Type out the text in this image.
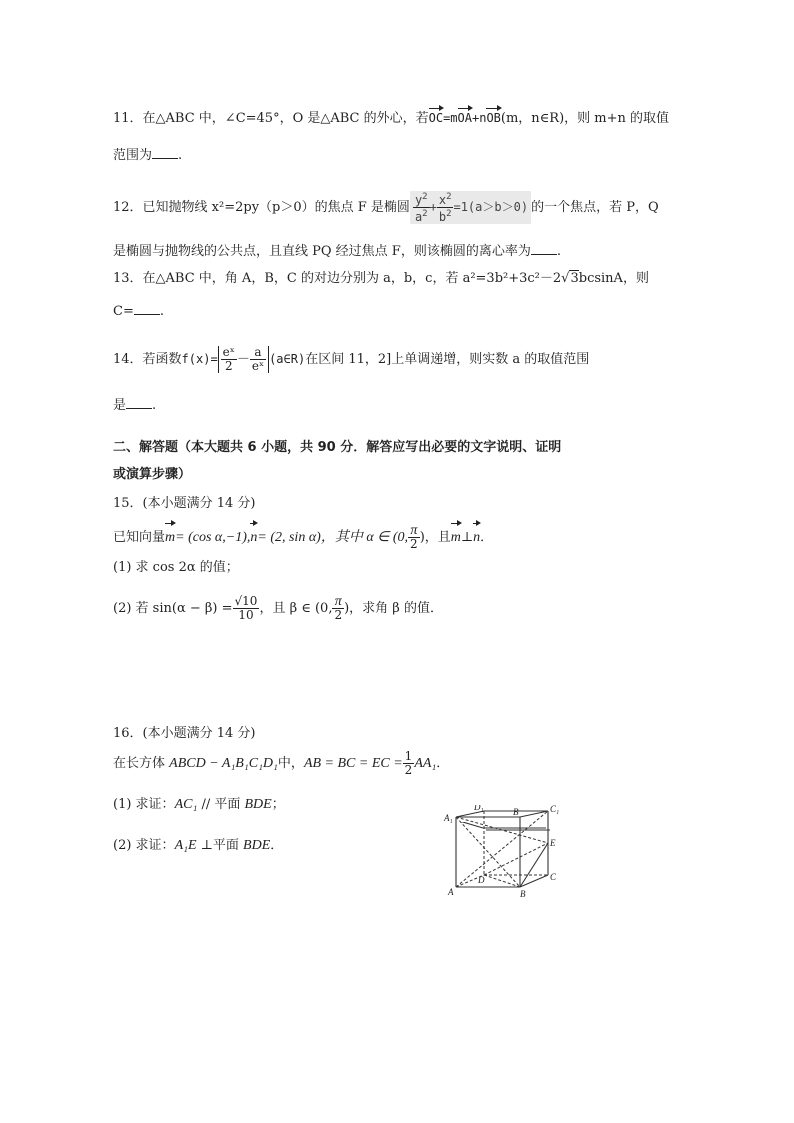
11．在△ABC 中，∠C=45°，O 是△ABC 的外心，若OC=mOA+nOB(m，n∈R)，则 m+n 的取值
范围为 .
12．已知抛物线 x²=2py（p＞0）的焦点 F 是椭圆 $\frac{y^2}{a^2} + \frac{x^2}{b^2} =1(a>b>0)$ 的一个焦点，若 P，Q
是椭圆与抛物线的公共点，且直线 PQ 经过焦点 F，则该椭圆的离心率为 .
13．在△ABC 中，角 A，B，C 的对边分别为 a，b，c，若 a²=3b²+3c²－2√3bcsinA，则
C= .
14．若函数$f(x)= \frac{\text{eˣ}}{2} - \frac{a}{\text{eˣ}}$ (a∈R)在区间 11，2]上单调递增，则实数 a 的取值范围
是 .
二、解答题（本大题共 6 小题，共 90 分．解答应写出必要的文字说明、证明
或演算步骤）
15．(本小题满分 14 分)
已知向量m= (cos α,−1),n= (2, sin α)，其中 α ∈ (0, $\frac{\pi}{2}$ )，且m⊥n．
(1) 求 cos 2α 的值；
(2) 若 $\sin(\alpha - \beta) = \frac{√10}{10}$ ，且 β ∈ (0, $\frac{\pi}{2}$ )，求角 β 的值．
16．(本小题满分 14 分)
在长方体 ABCD − A₁B₁C₁D₁中，AB = BC = EC = $\frac{1}{2} AA_1$．
(1) 求证：AC₁ // 平面 BDE；
(2) 求证：A₁E ⊥平面 BDE．
A₁
B	C₁
D₁
E
C
D
A	B
